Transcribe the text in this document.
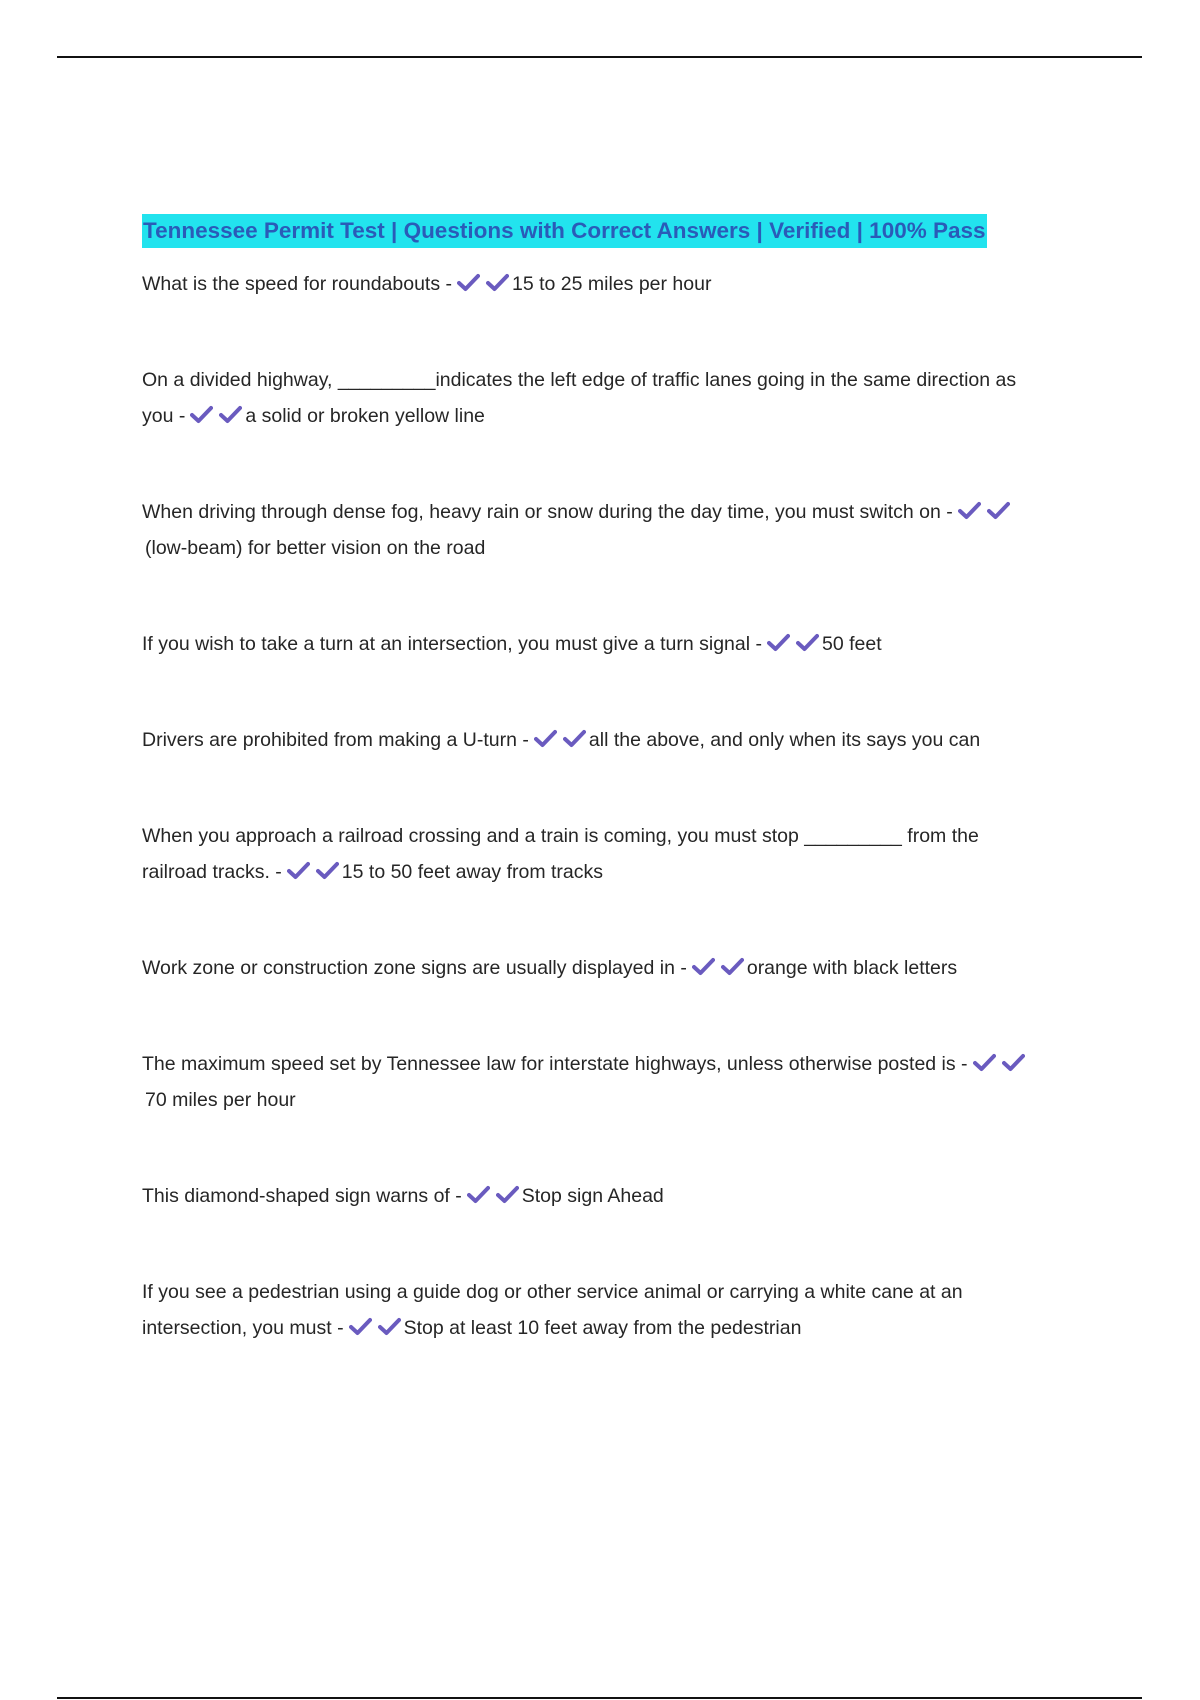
Tennessee Permit Test | Questions with Correct Answers | Verified | 100% Pass
What is the speed for roundabouts -	15 to 25 miles per hour
On a divided highway, _________indicates the left edge of traffic lanes going in the same direction as you -	a solid or broken yellow line
When driving through dense fog, heavy rain or snow during the day time, you must switch on -
(low-beam) for better vision on the road
If you wish to take a turn at an intersection, you must give a turn signal -	50 feet
Drivers are prohibited from making a U-turn -	all the above, and only when its says you can
When you approach a railroad crossing and a train is coming, you must stop _________ from the railroad tracks. -	15 to 50 feet away from tracks
Work zone or construction zone signs are usually displayed in -	orange with black letters
The maximum speed set by Tennessee law for interstate highways, unless otherwise posted is -
70 miles per hour
This diamond-shaped sign warns of -	Stop sign Ahead
If you see a pedestrian using a guide dog or other service animal or carrying a white cane at an intersection, you must -	Stop at least 10 feet away from the pedestrian
